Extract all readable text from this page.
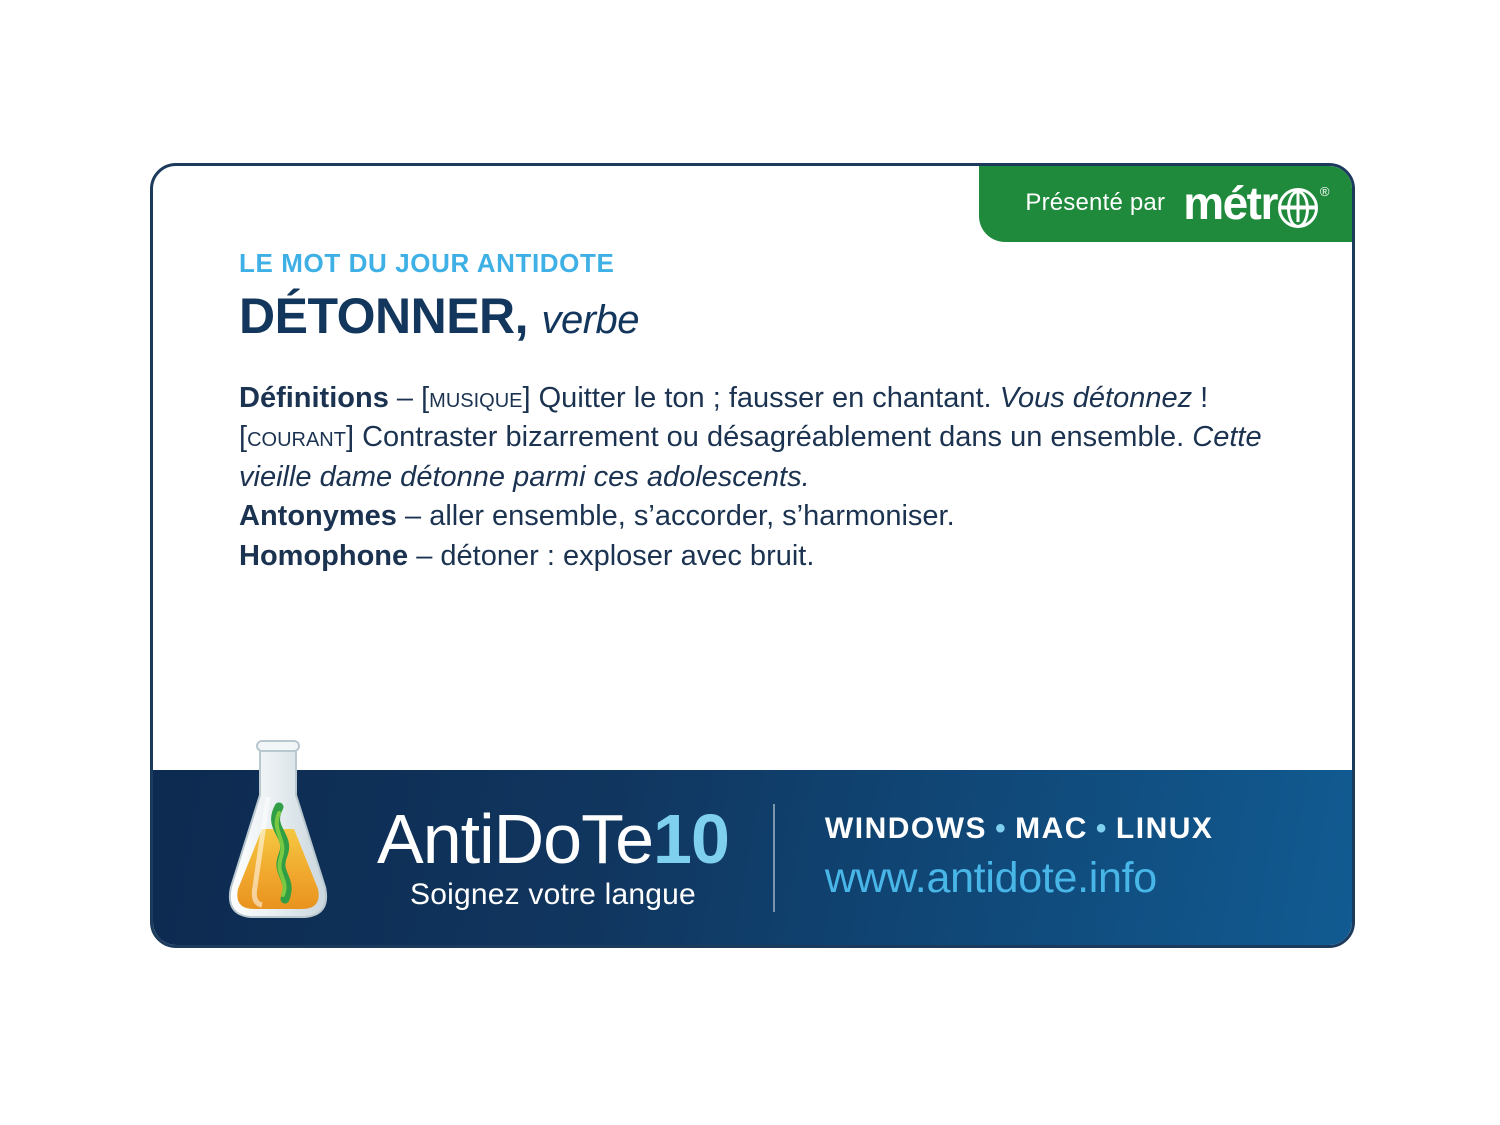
Présenté par métr	®
LE MOT DU JOUR ANTIDOTE
DÉTONNER, verbe

Définitions – [musique] Quitter le ton ; fausser en chantant. Vous détonnez ! [courant] Contraster bizarrement ou désagréablement dans un ensemble. Cette vieille dame détonne parmi ces adolescents.

Antonymes – aller ensemble, s’accorder, s’harmoniser.

Homophone – détoner : exploser avec bruit.

AntiDoTe10
Soignez votre langue
WINDOWS • MAC • LINUX
www.antidote.info
